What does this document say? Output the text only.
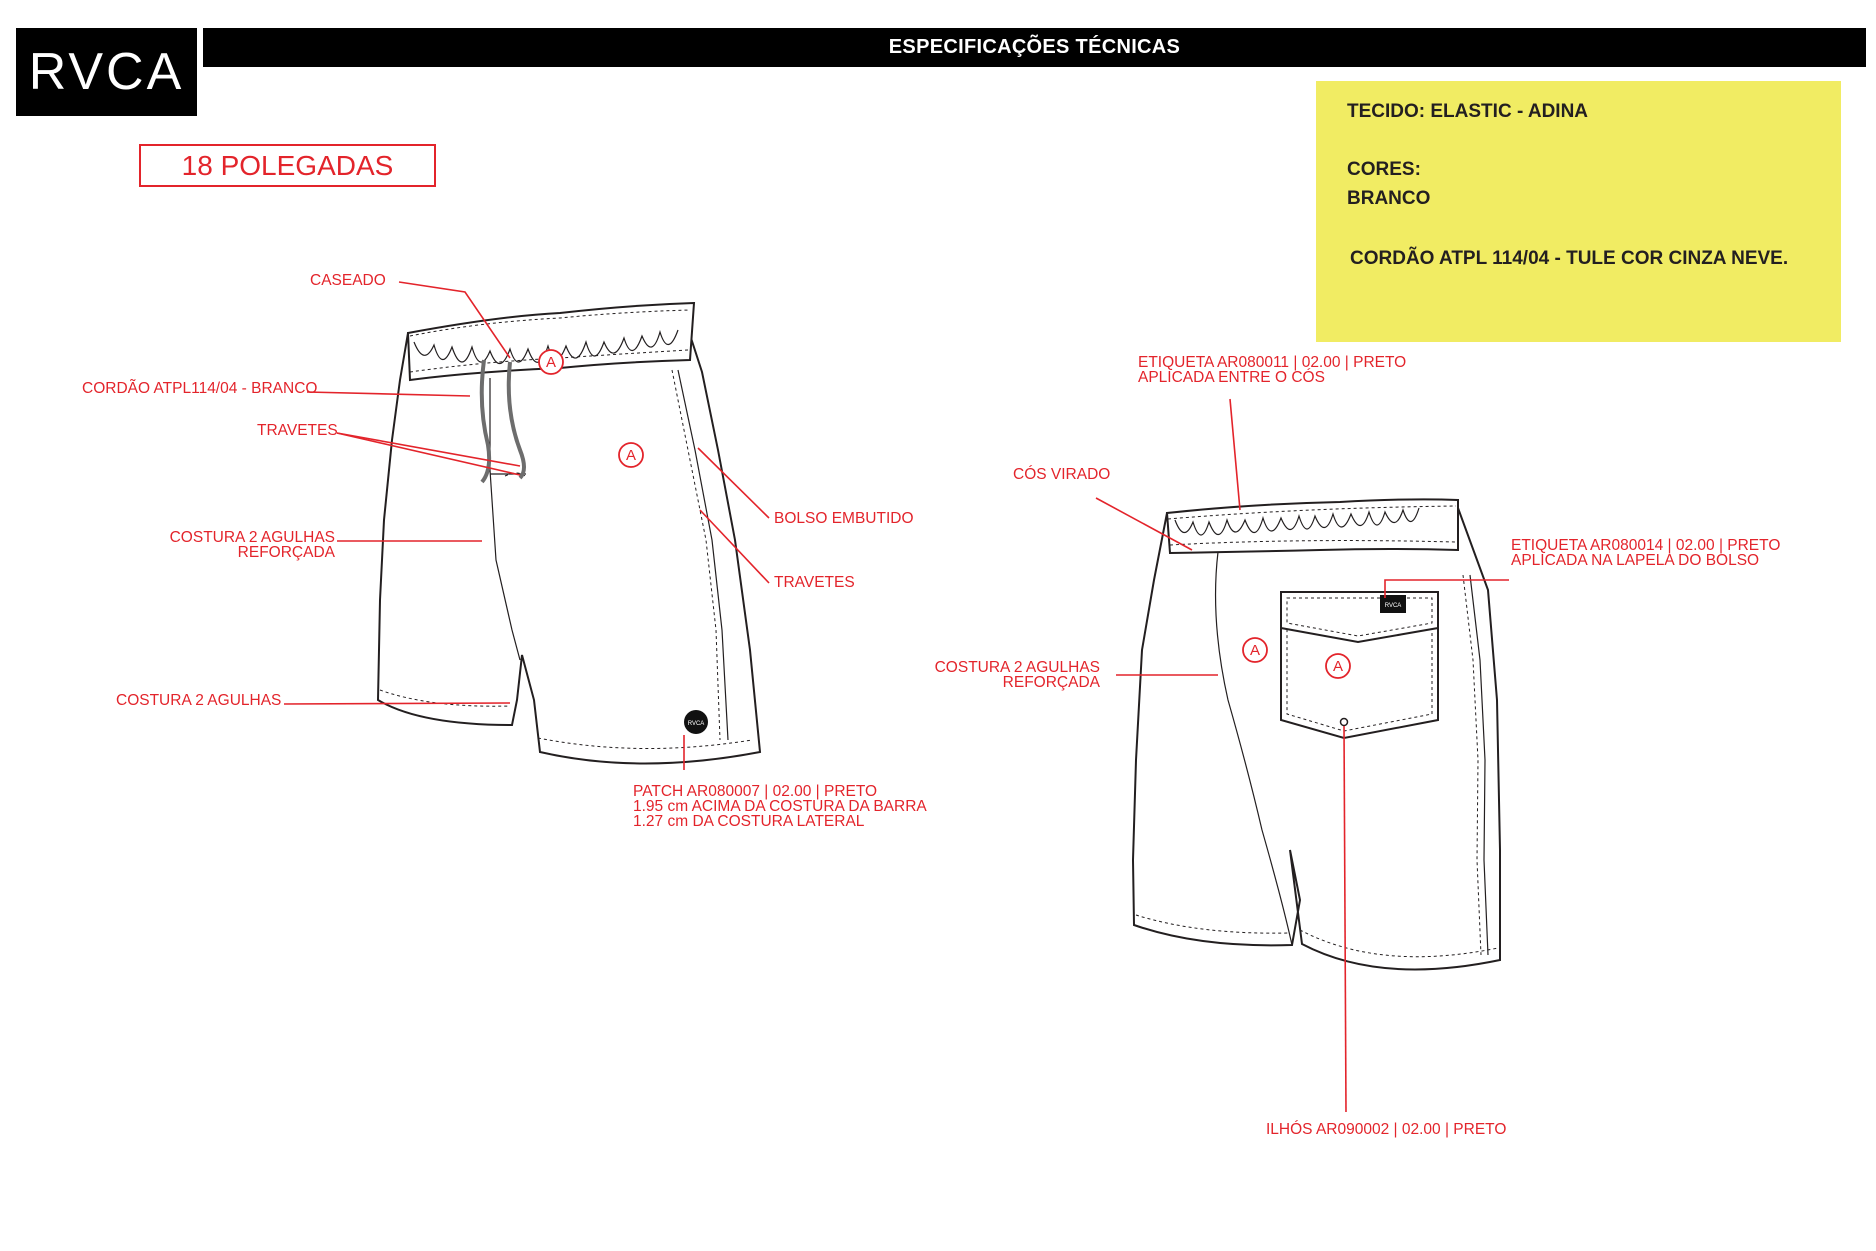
RVCA	ESPECIFICAÇÕES TÉCNICAS
18 POLEGADAS
TECIDO: ELASTIC - ADINA
CORES:
BRANCO
CORDÃO ATPL 114/04 - TULE COR CINZA NEVE.
RVCA
A
A
RVCA
A
A
CASEADO
CORDÃO ATPL114/04 - BRANCO
TRAVETES
COSTURA 2 AGULHAS
REFORÇADA
COSTURA 2 AGULHAS
BOLSO EMBUTIDO
TRAVETES
PATCH AR080007 | 02.00 | PRETO
1.95 cm ACIMA DA COSTURA DA BARRA
1.27 cm DA COSTURA LATERAL
ETIQUETA AR080011 | 02.00 | PRETO
APLICADA ENTRE O CÓS
CÓS VIRADO
ETIQUETA AR080014 | 02.00 | PRETO
APLICADA NA LAPELA DO BOLSO
COSTURA 2 AGULHAS
REFORÇADA
ILHÓS AR090002 | 02.00 | PRETO
